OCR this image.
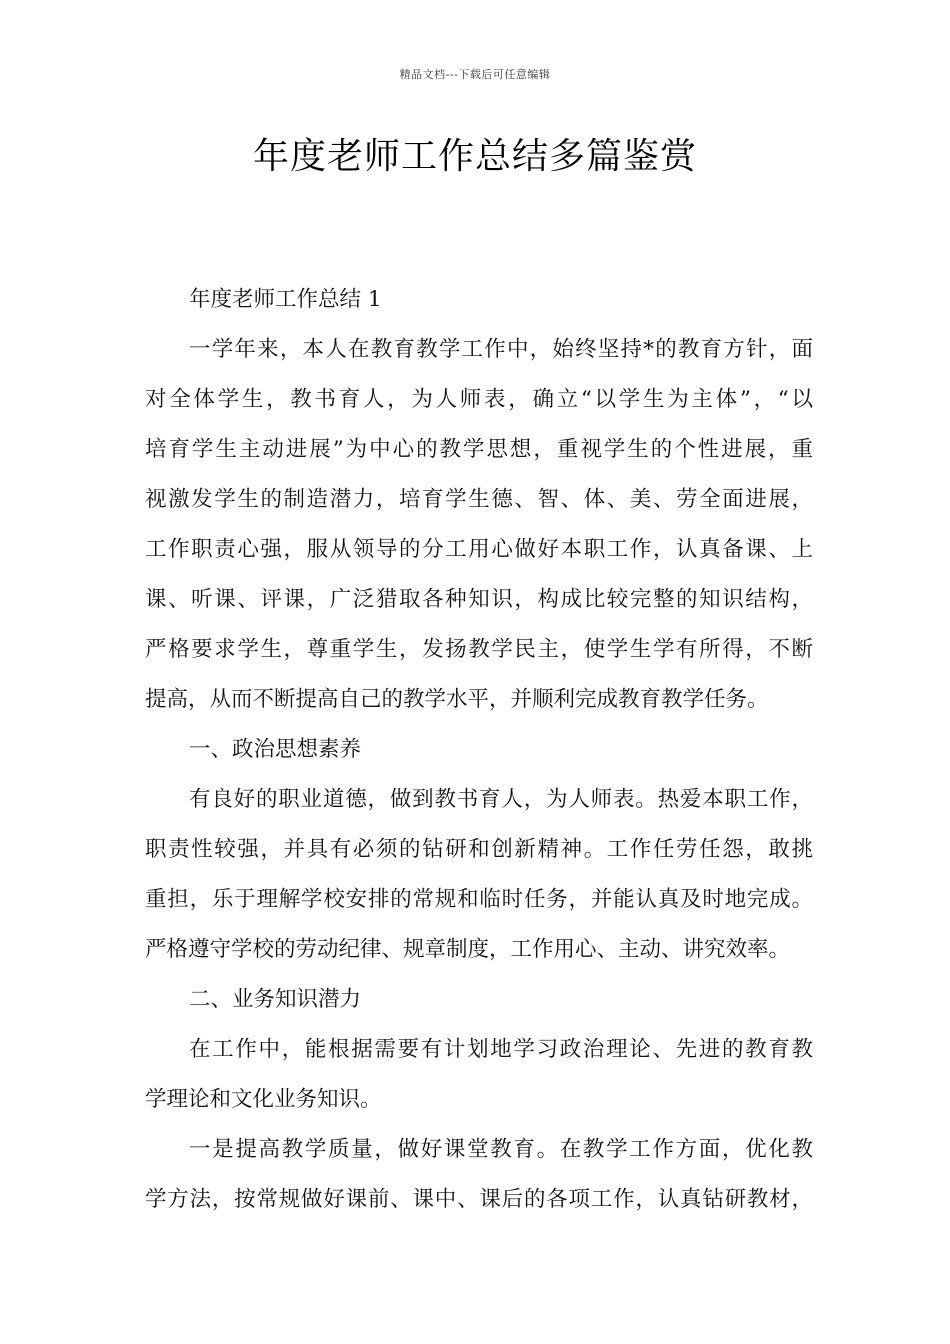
精品文档---下载后可任意编辑
年度老师工作总结多篇鉴赏
年度老师工作总结 1
一学年来，本人在教育教学工作中，始终坚持*的教育方针，面
对全体学生，教书育人，为人师表，确立“以学生为主体”，“以
培育学生主动进展”为中心的教学思想，重视学生的个性进展，重
视激发学生的制造潜力，培育学生德、智、体、美、劳全面进展，
工作职责心强，服从领导的分工用心做好本职工作，认真备课、上
课、听课、评课，广泛猎取各种知识，构成比较完整的知识结构，
严格要求学生，尊重学生，发扬教学民主，使学生学有所得，不断
提高，从而不断提高自己的教学水平，并顺利完成教育教学任务。
一、政治思想素养
有良好的职业道德，做到教书育人，为人师表。热爱本职工作，
职责性较强，并具有必须的钻研和创新精神。工作任劳任怨，敢挑
重担，乐于理解学校安排的常规和临时任务，并能认真及时地完成。
严格遵守学校的劳动纪律、规章制度，工作用心、主动、讲究效率。
二、业务知识潜力
在工作中，能根据需要有计划地学习政治理论、先进的教育教
学理论和文化业务知识。
一是提高教学质量，做好课堂教育。在教学工作方面，优化教
学方法，按常规做好课前、课中、课后的各项工作，认真钻研教材，
